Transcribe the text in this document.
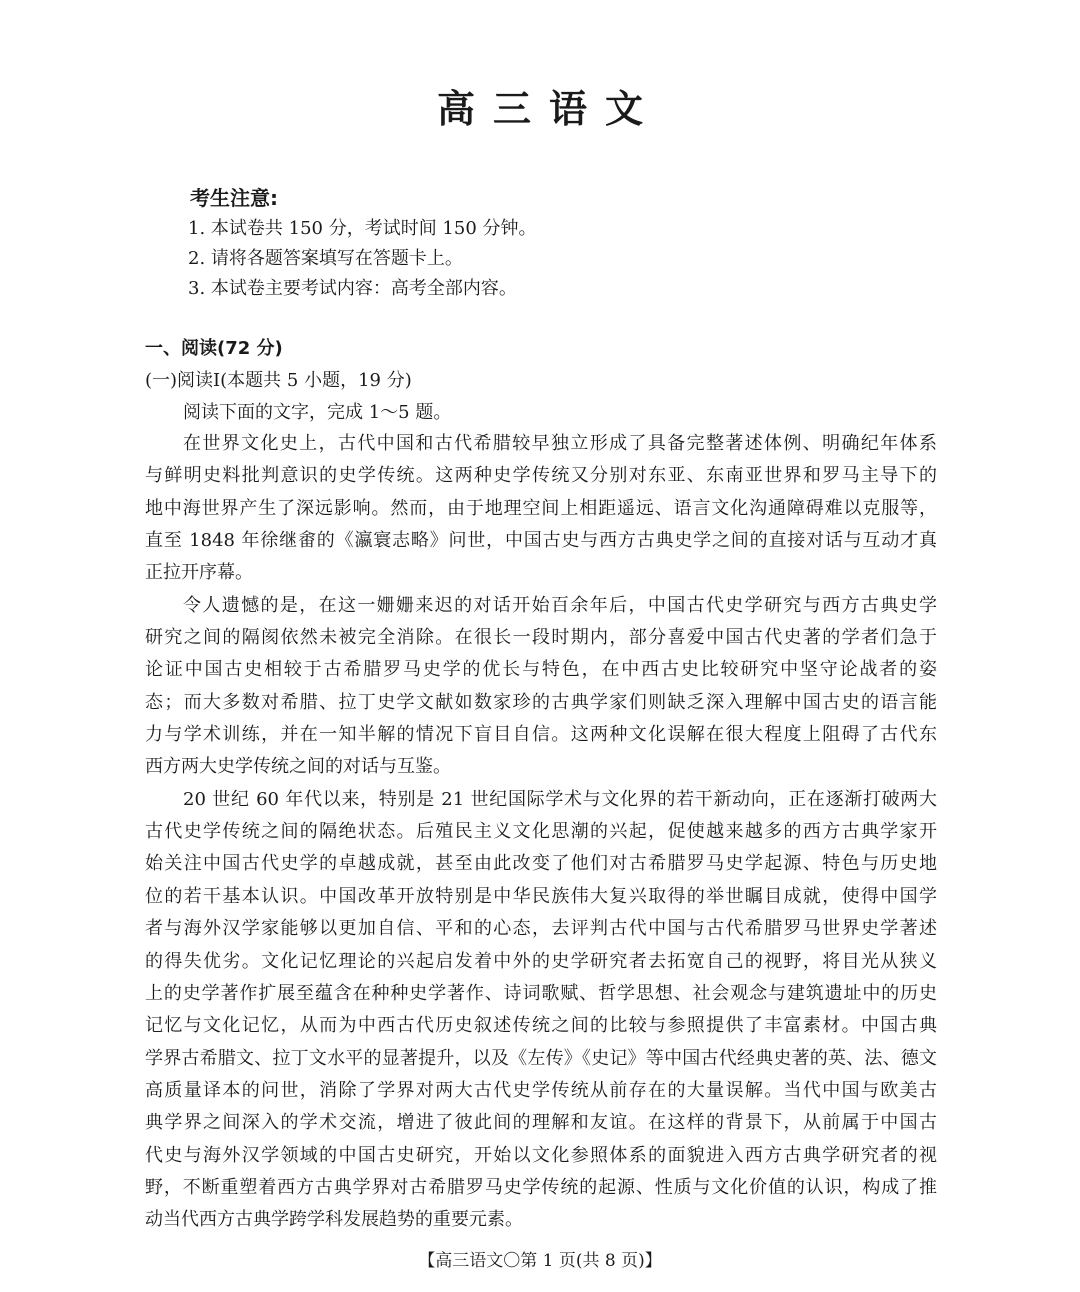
高三语文
考生注意:
1. 本试卷共 150 分，考试时间 150 分钟。
2. 请将各题答案填写在答题卡上。
3. 本试卷主要考试内容：高考全部内容。
一、阅读(72 分)
(一)阅读Ⅰ(本题共 5 小题，19 分)
阅读下面的文字，完成 1～5 题。
在世界文化史上，古代中国和古代希腊较早独立形成了具备完整著述体例、明确纪年体系
与鲜明史料批判意识的史学传统。这两种史学传统又分别对东亚、东南亚世界和罗马主导下的
地中海世界产生了深远影响。然而，由于地理空间上相距遥远、语言文化沟通障碍难以克服等，
直至 1848 年徐继畬的《瀛寰志略》问世，中国古史与西方古典史学之间的直接对话与互动才真
正拉开序幕。
令人遗憾的是，在这一姗姗来迟的对话开始百余年后，中国古代史学研究与西方古典史学
研究之间的隔阂依然未被完全消除。在很长一段时期内，部分喜爱中国古代史著的学者们急于
论证中国古史相较于古希腊罗马史学的优长与特色，在中西古史比较研究中坚守论战者的姿
态；而大多数对希腊、拉丁史学文献如数家珍的古典学家们则缺乏深入理解中国古史的语言能
力与学术训练，并在一知半解的情况下盲目自信。这两种文化误解在很大程度上阻碍了古代东
西方两大史学传统之间的对话与互鉴。
20 世纪 60 年代以来，特别是 21 世纪国际学术与文化界的若干新动向，正在逐渐打破两大
古代史学传统之间的隔绝状态。后殖民主义文化思潮的兴起，促使越来越多的西方古典学家开
始关注中国古代史学的卓越成就，甚至由此改变了他们对古希腊罗马史学起源、特色与历史地
位的若干基本认识。中国改革开放特别是中华民族伟大复兴取得的举世瞩目成就，使得中国学
者与海外汉学家能够以更加自信、平和的心态，去评判古代中国与古代希腊罗马世界史学著述
的得失优劣。文化记忆理论的兴起启发着中外的史学研究者去拓宽自己的视野，将目光从狭义
上的史学著作扩展至蕴含在种种史学著作、诗词歌赋、哲学思想、社会观念与建筑遗址中的历史
记忆与文化记忆，从而为中西古代历史叙述传统之间的比较与参照提供了丰富素材。中国古典
学界古希腊文、拉丁文水平的显著提升，以及《左传》《史记》等中国古代经典史著的英、法、德文
高质量译本的问世，消除了学界对两大古代史学传统从前存在的大量误解。当代中国与欧美古
典学界之间深入的学术交流，增进了彼此间的理解和友谊。在这样的背景下，从前属于中国古
代史与海外汉学领域的中国古史研究，开始以文化参照体系的面貌进入西方古典学研究者的视
野，不断重塑着西方古典学界对古希腊罗马史学传统的起源、性质与文化价值的认识，构成了推
动当代西方古典学跨学科发展趋势的重要元素。
【高三语文〇第 1 页(共 8 页)】
